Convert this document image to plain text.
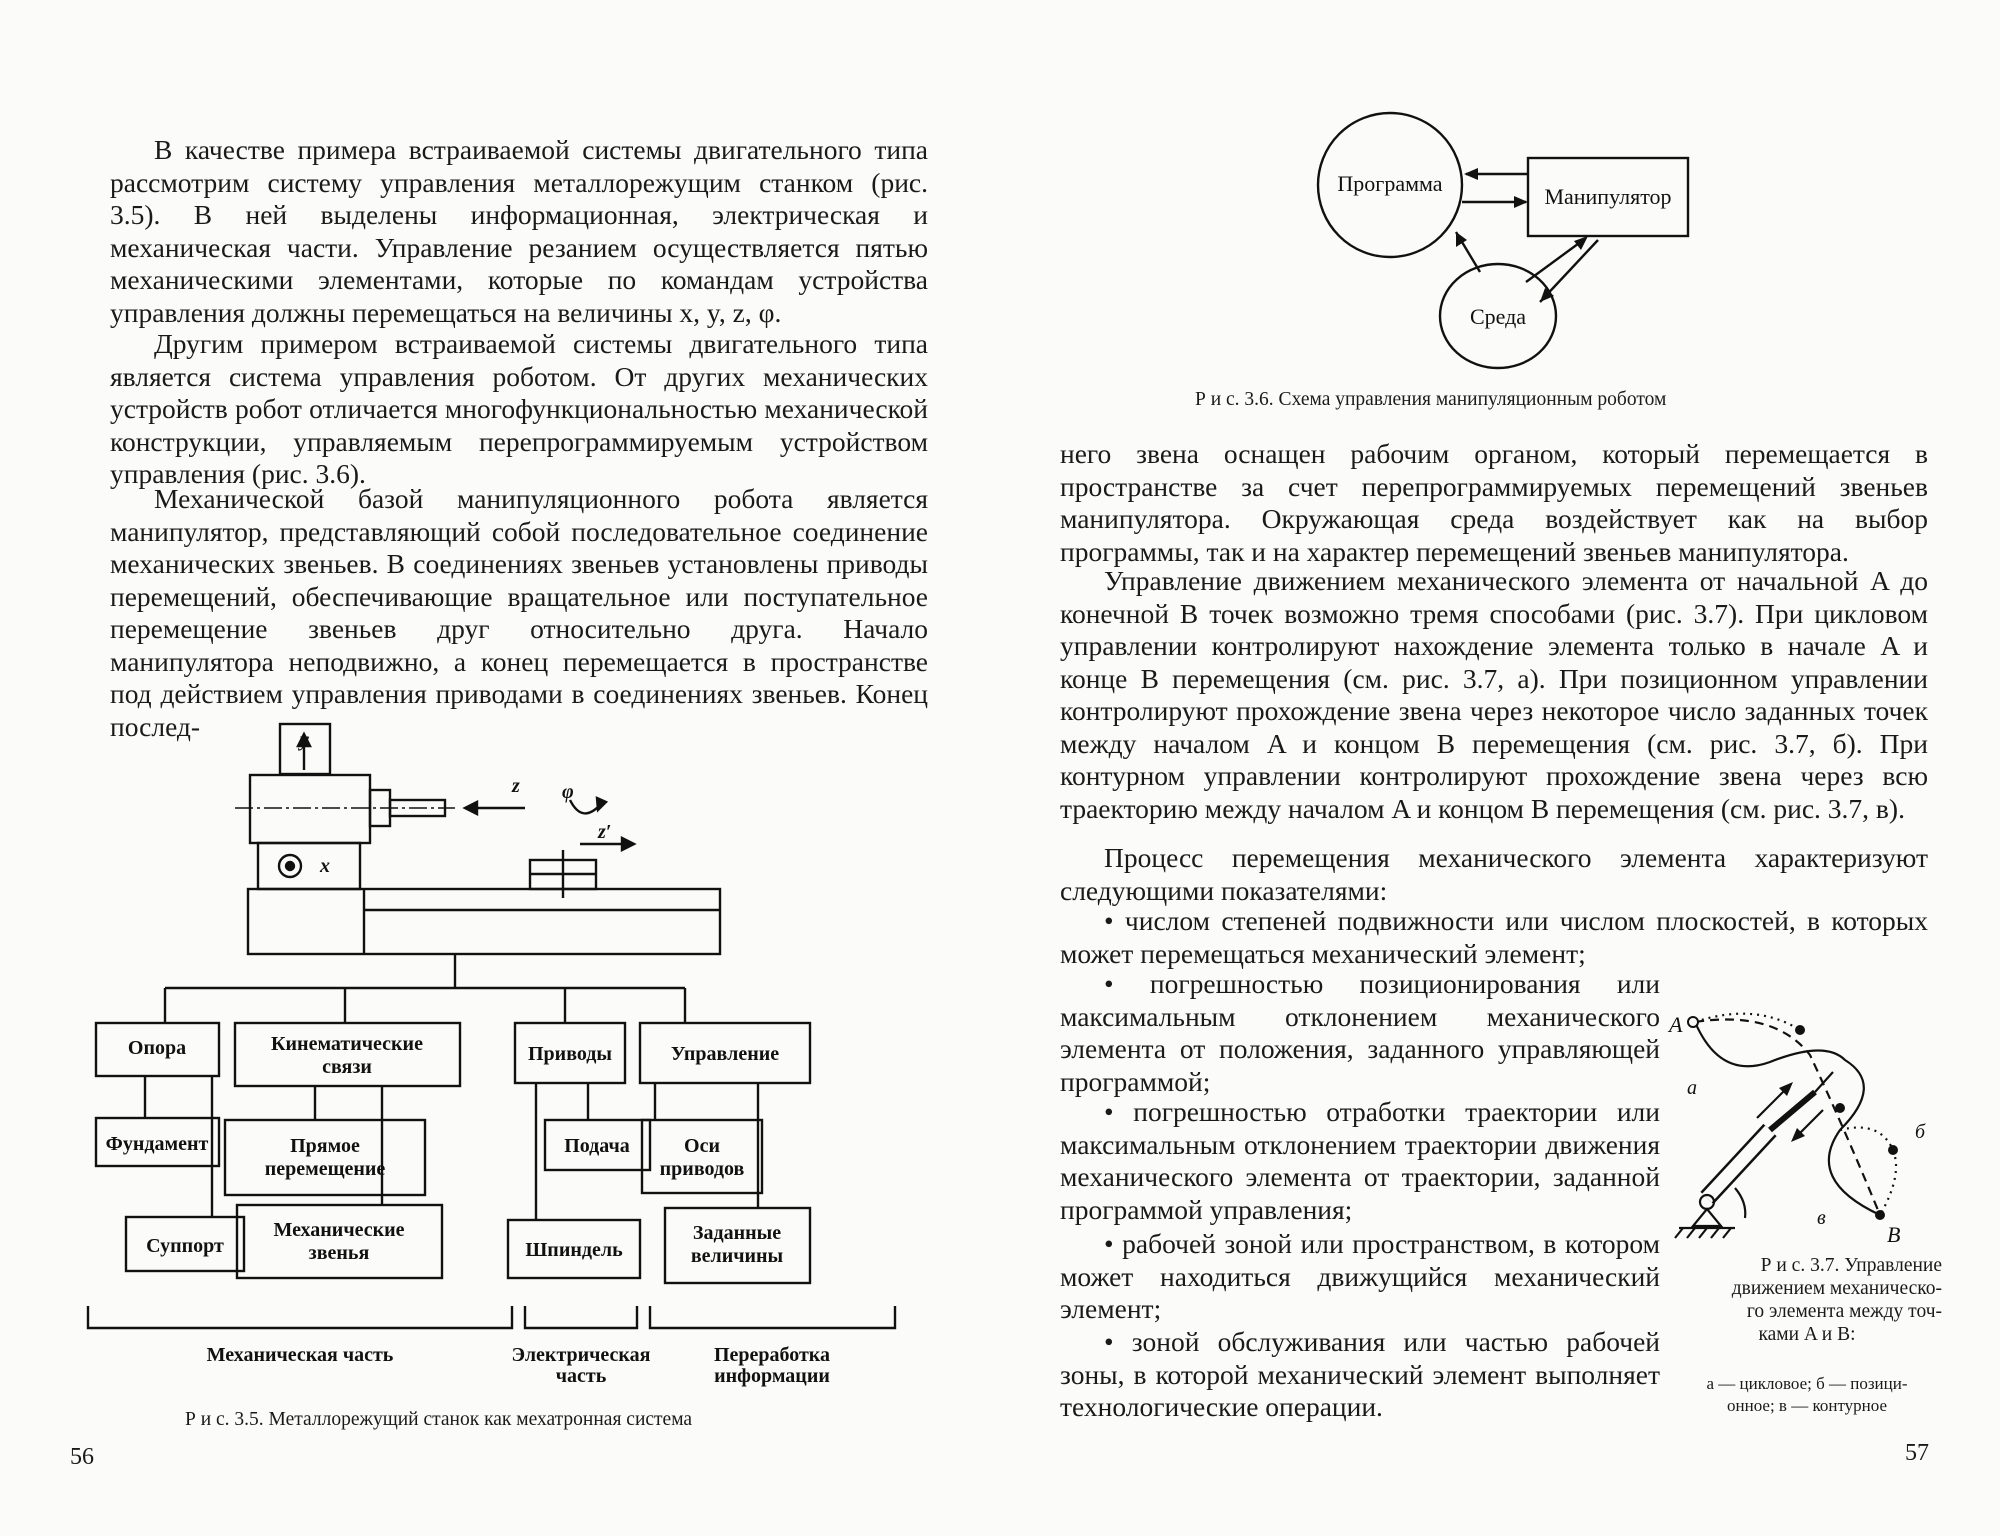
В качестве примера встраиваемой системы двигательного типа рассмотрим систему управления металлорежущим станком (рис. 3.5). В ней выделены информационная, электрическая и механическая части. Управление резанием осуществляется пятью механическими элементами, которые по командам устройства управления должны перемещаться на величины x, y, z, φ.

Другим примером встраиваемой системы двигательного типа является система управления роботом. От других механических устройств робот отличается многофункциональностью механической конструкции, управляемым перепрограммируемым устройством управления (рис. 3.6).

Механической базой манипуляционного робота является манипулятор, представляющий собой последовательное соединение механических звеньев. В соединениях звеньев установлены приводы перемещений, обеспечивающие вращательное или поступательное перемещение звеньев друг относительно друга. Начало манипулятора неподвижно, а конец перемещается в пространстве под действием управления приводами в соединениях звеньев. Конец послед-	y
x
z φ
z′
Опора	Кинематические
связи
Приводы	Управление
Фундамент	Прямое
перемещение
Подача	Оси
приводов
Суппорт
Механические
звенья	Шпиндель
Заданные
величины
Механическая часть	Электрическая
часть
Переработка
информации

Р и с. 3.5. Металлорежущий станок как мехатронная система

56
Программа
Манипулятор
Среда

Р и с. 3.6. Схема управления манипуляционным роботом

него звена оснащен рабочим органом, который перемещается в пространстве за счет перепрограммируемых перемещений звеньев манипулятора. Окружающая среда воздействует как на выбор программы, так и на характер перемещений звеньев манипулятора.

Управление движением механического элемента от начальной A до конечной B точек возможно тремя способами (рис. 3.7). При цикловом управлении контролируют нахождение элемента только в начале A и конце B перемещения (см. рис. 3.7, а). При позиционном управлении контролируют прохождение звена через некоторое число заданных точек между началом A и концом B перемещения (см. рис. 3.7, б). При контурном управлении контролируют прохождение звена через всю траекторию между началом A и концом B перемещения (см. рис. 3.7, в).

Процесс перемещения механического элемента характеризуют следующими показателями:

• числом степеней подвижности или числом плоскостей, в которых может перемещаться механический элемент;

• погрешностью позиционирования или максимальным отклонением механического элемента от положения, заданного управляющей программой;

• погрешностью отработки траектории или максимальным отклонением траектории движения механического элемента от траектории, заданной программой управления;

• рабочей зоной или пространством, в котором может находиться движущийся механический элемент;

• зоной обслуживания или частью рабочей зоны, в которой механический элемент выполняет технологические операции.

A
B
а
б
в
Р и с. 3.7. Управление
движением механическо-
го элемента между точ-
ками A и B:
а — цикловое; б — позици-
онное; в — контурное
57
